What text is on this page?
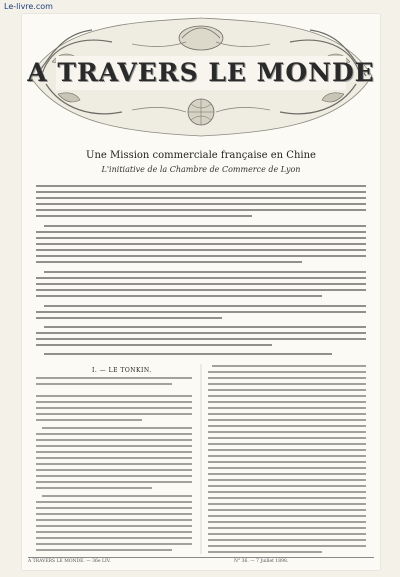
Le-livre.com
A TRAVERS LE MONDE
Une Mission commerciale française en Chine
L'initiative de la Chambre de Commerce de Lyon
I. — LE TONKIN.
A TRAVERS LE MONDE. — 36e LIV.	N° 36. — 7 Juillet 1898.
